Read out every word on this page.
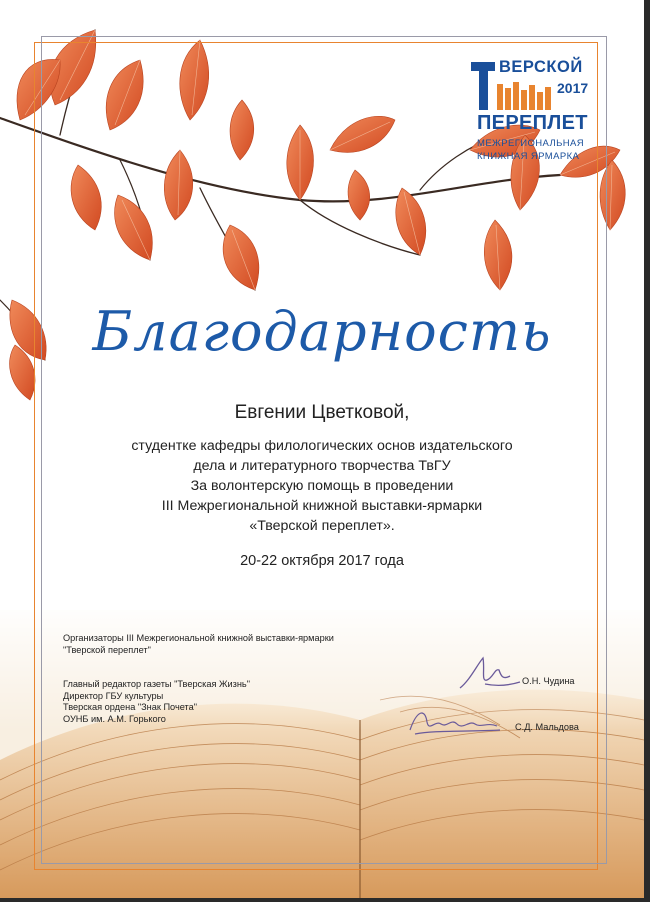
ВЕРСКОЙ
2017
ПЕРЕПЛЕТ
МЕЖРЕГИОНАЛЬНАЯ
КНИЖНАЯ ЯРМАРКА
Благодарность
Евгении Цветковой,
студентке кафедры филологических основ издательского
дела и литературного творчества ТвГУ
За волонтерскую помощь в проведении
III Межрегиональной книжной выставки-ярмарки
«Тверской переплет».
20-22 октября 2017 года

Организаторы III Межрегиональной книжной выставки-ярмарки

"Тверской переплет"

Главный редактор газеты "Тверская Жизнь"

Директор ГБУ культуры

Тверская ордена "Знак Почета"

ОУНБ им. А.М. Горького

О.Н. Чудина
С.Д. Мальдова
